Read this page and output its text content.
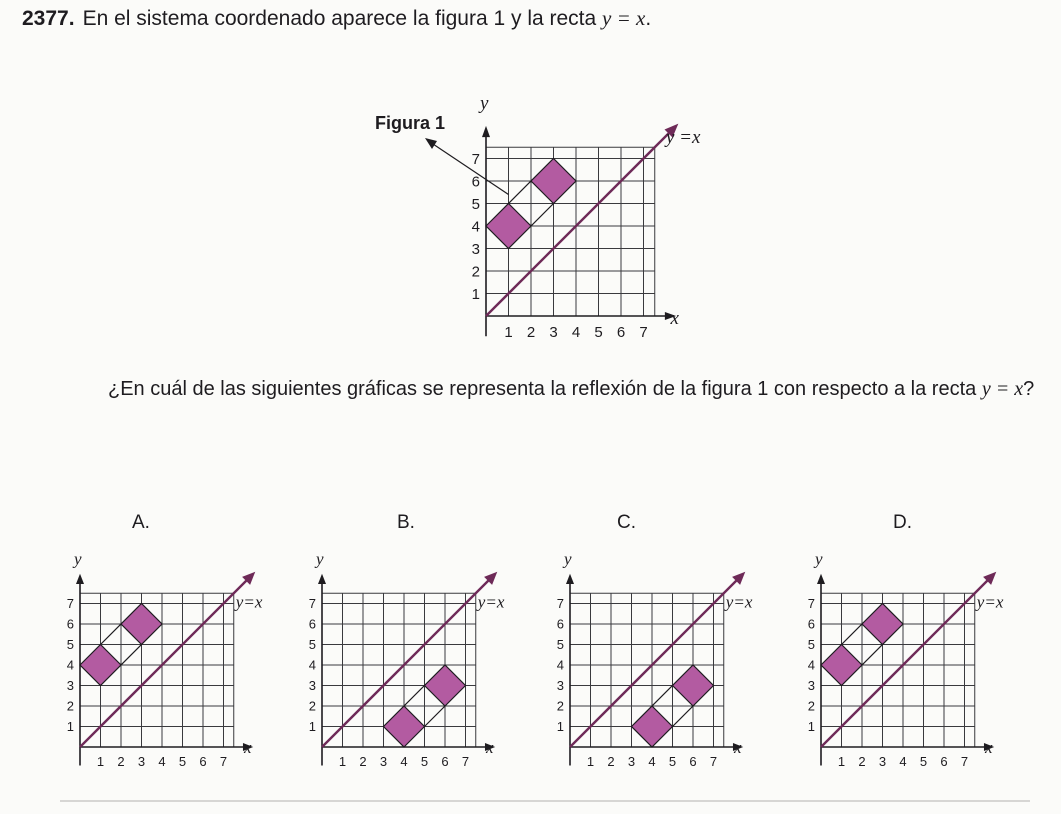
2377. En el sistema coordenado aparece la figura 1 y la recta y = x.
1
1
2
2
3
3
4
4
5
5
6
6
7
7
x
y
y =x
Figura 1
¿En cuál de las siguientes gráficas se representa la reflexión de la figura 1 con respecto a la recta y = x?
A.	B.	C.	D.
1
1
2
2
3
3
4
4
5
5
6
6
7
7
x
y
y=x
1
1
2
2
3
3
4
4
5
5
6
6
7
7
x
y
y=x
1
1
2
2
3
3
4
4
5
5
6
6
7
7
x
y
y=x
1
1
2
2
3
3
4
4
5
5
6
6
7
7
x
y
y=x
